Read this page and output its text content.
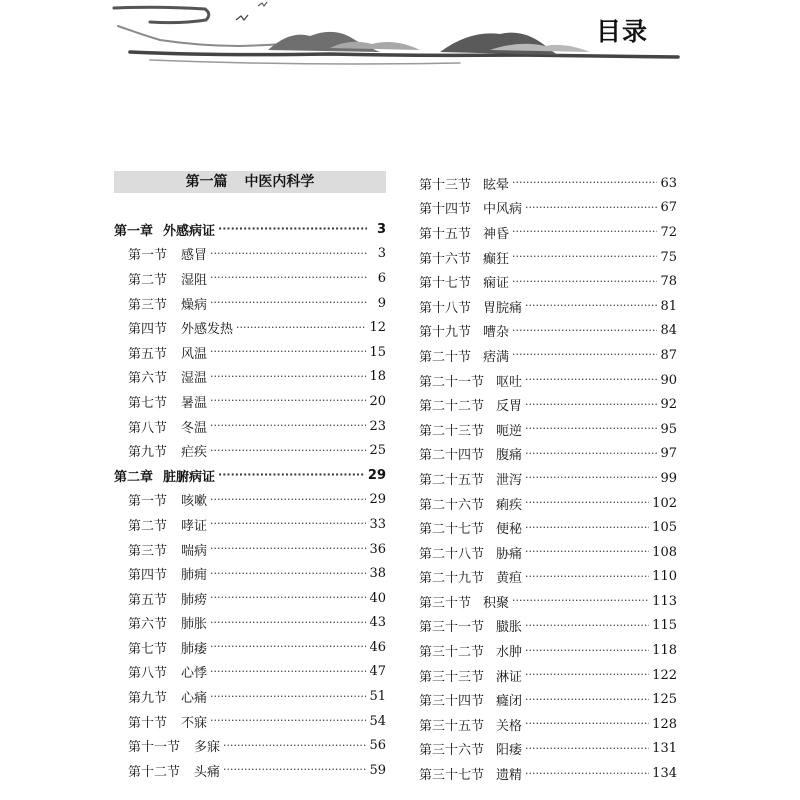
目录
第一篇 中医内科学
第一章 外感病证 ·····	3
第一节 感冒 ·····	3
第二节 湿阻 ·····	6
第三节 燥病 ·····	9
第四节 外感发热 ·····	12
第五节 风温 ·····	15
第六节 湿温 ·····	18
第七节 暑温 ·····	20
第八节 冬温 ·····	23
第九节 疟疾 ·····	25
第二章 脏腑病证 ·····	29
第一节 咳嗽 ·····	29
第二节 哮证 ·····	33
第三节 喘病 ·····	36
第四节 肺痈 ·····	38
第五节 肺痨 ·····	40
第六节 肺胀 ·····	43
第七节 肺痿 ·····	46
第八节 心悸 ·····	47
第九节 心痛 ·····	51
第十节 不寐 ·····	54
第十一节 多寐 ·····	56
第十二节 头痛 ·····	59
第十三节 眩晕 ·····	63
第十四节 中风病 ·····	67
第十五节 神昏 ·····	72
第十六节 癫狂 ·····	75
第十七节 痫证 ·····	78
第十八节 胃脘痛 ·····	81
第十九节 嘈杂 ·····	84
第二十节 痞满 ·····	87
第二十一节 呕吐 ·····	90
第二十二节 反胃 ·····	92
第二十三节 呃逆 ·····	95
第二十四节 腹痛 ·····	97
第二十五节 泄泻 ·····	99
第二十六节 痢疾 ·····	102
第二十七节 便秘 ·····	105
第二十八节 胁痛 ·····	108
第二十九节 黄疸 ·····	110
第三十节 积聚 ·····	113
第三十一节 臌胀 ·····	115
第三十二节 水肿 ·····	118
第三十三节 淋证 ·····	122
第三十四节 癃闭 ·····	125
第三十五节 关格 ·····	128
第三十六节 阳痿 ·····	131
第三十七节 遗精 ·····	134
